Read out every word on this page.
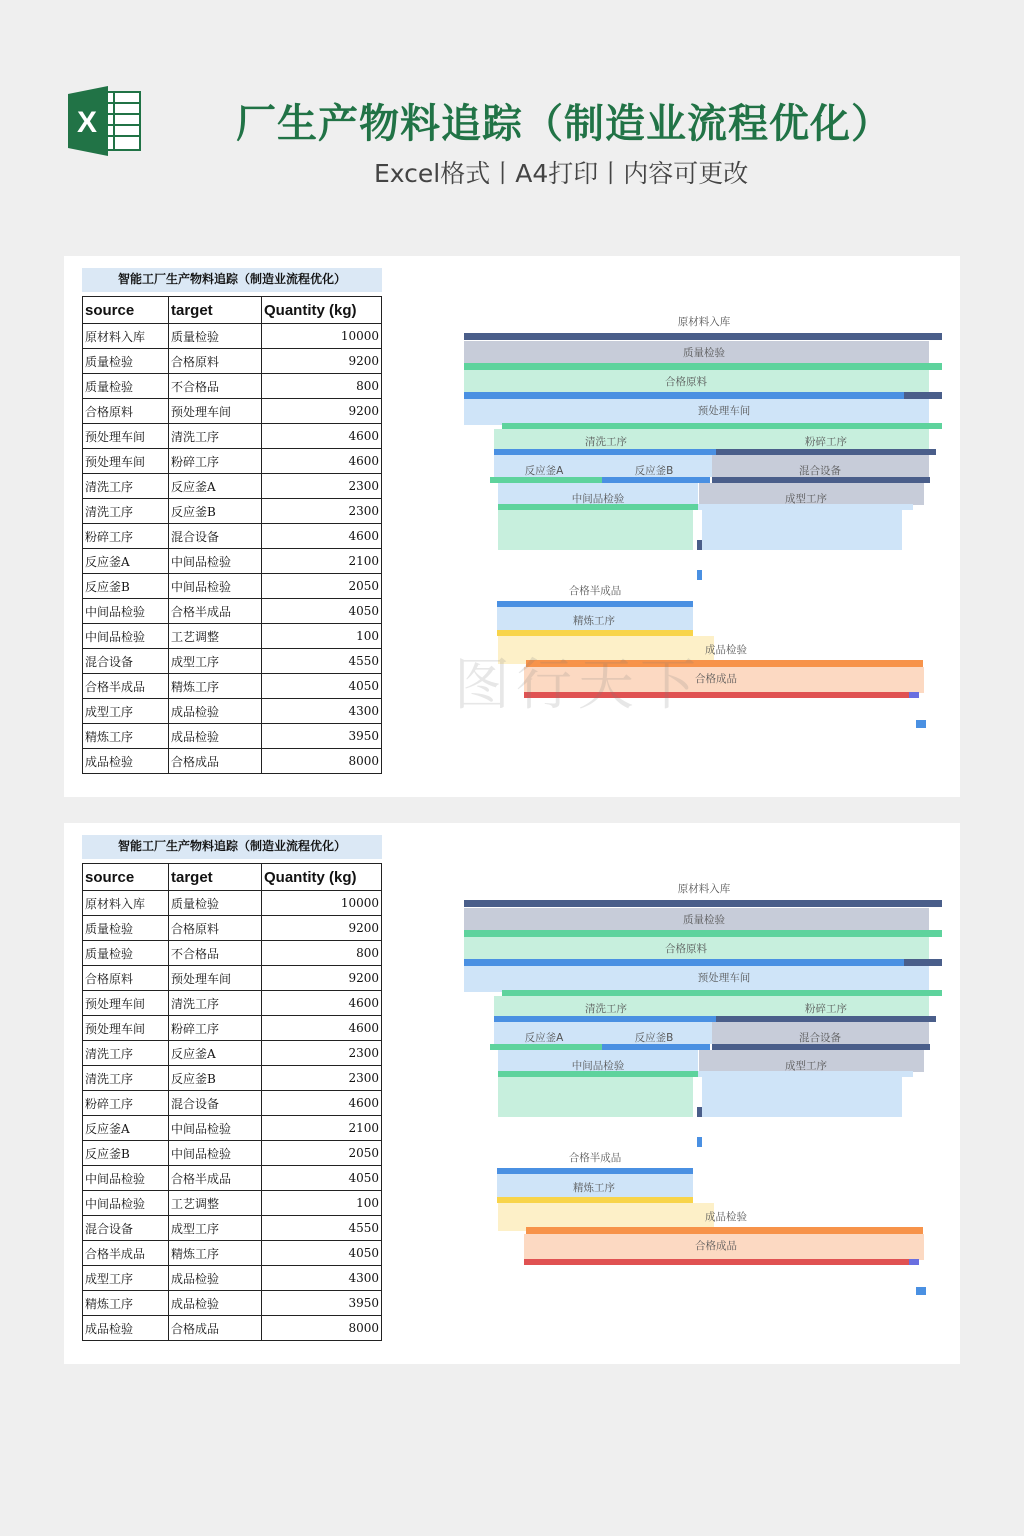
X	厂生产物料追踪（制造业流程优化）
Excel格式丨A4打印丨内容可更改
智能工厂生产物料追踪（制造业流程优化）
source	target	Quantity (kg)
原材料入库	质量检验	10000
质量检验	合格原料	9200
质量检验	不合格品	800
合格原料	预处理车间	9200
预处理车间	清洗工序	4600
预处理车间	粉碎工序	4600
清洗工序	反应釜A	2300
清洗工序	反应釜B	2300
粉碎工序	混合设备	4600
反应釜A	中间品检验	2100
反应釜B	中间品检验	2050
中间品检验	合格半成品	4050
中间品检验	工艺调整	100
混合设备	成型工序	4550
合格半成品	精炼工序	4050
成型工序	成品检验	4300
精炼工序	成品检验	3950
成品检验	合格成品	8000
原材料入库
质量检验
合格原料
预处理车间
清洗工序	粉碎工序
反应釜A	反应釜B	混合设备
中间品检验	成型工序
合格半成品
精炼工序
成品检验
合格成品
图行天下
智能工厂生产物料追踪（制造业流程优化）
source	target	Quantity (kg)
原材料入库	质量检验	10000
质量检验	合格原料	9200
质量检验	不合格品	800
合格原料	预处理车间	9200
预处理车间	清洗工序	4600
预处理车间	粉碎工序	4600
清洗工序	反应釜A	2300
清洗工序	反应釜B	2300
粉碎工序	混合设备	4600
反应釜A	中间品检验	2100
反应釜B	中间品检验	2050
中间品检验	合格半成品	4050
中间品检验	工艺调整	100
混合设备	成型工序	4550
合格半成品	精炼工序	4050
成型工序	成品检验	4300
精炼工序	成品检验	3950
成品检验	合格成品	8000
原材料入库
质量检验
合格原料
预处理车间
清洗工序	粉碎工序
反应釜A	反应釜B	混合设备
中间品检验	成型工序
合格半成品
精炼工序
成品检验
合格成品
